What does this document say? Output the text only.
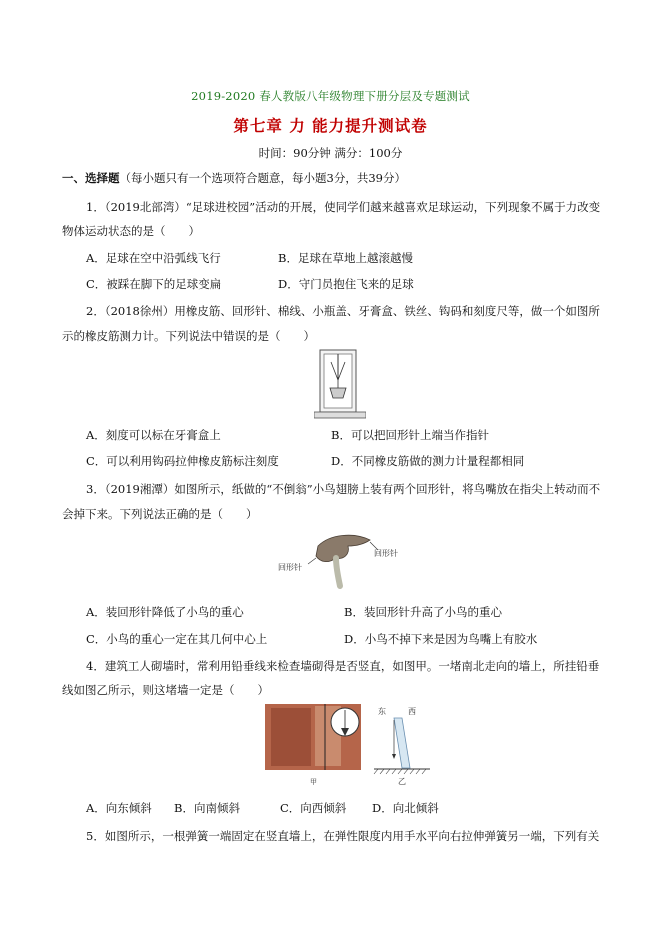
2019-2020 春人教版八年级物理下册分层及专题测试
第七章 力 能力提升测试卷
时间：90分钟 满分：100分
一、选择题（每小题只有一个选项符合题意，每小题3分，共39分）
1．（2019北部湾）“足球进校园”活动的开展，使同学们越来越喜欢足球运动，下列现象不属于力改变
物体运动状态的是（　　）
A．足球在空中沿弧线飞行	B．足球在草地上越滚越慢
C．被踩在脚下的足球变扁	D．守门员抱住飞来的足球
2．（2018徐州）用橡皮筋、回形针、棉线、小瓶盖、牙膏盒、铁丝、钩码和刻度尺等，做一个如图所
示的橡皮筋测力计。下列说法中错误的是（　　）
A．刻度可以标在牙膏盒上	B．可以把回形针上端当作指针
C．可以利用钩码拉伸橡皮筋标注刻度	D．不同橡皮筋做的测力计量程都相同
3．（2019湘潭）如图所示，纸做的“不倒翁”小鸟翅膀上装有两个回形针，将鸟嘴放在指尖上转动而不
会掉下来。下列说法正确的是（　　）
回形针
回形针
A．装回形针降低了小鸟的重心	B．装回形针升高了小鸟的重心
C．小鸟的重心一定在其几何中心上	D．小鸟不掉下来是因为鸟嘴上有胶水
4．建筑工人砌墙时，常利用铅垂线来检查墙砌得是否竖直，如图甲。一堵南北走向的墙上，所挂铅垂
线如图乙所示，则这堵墙一定是（　　）
甲
东	西
乙
A．向东倾斜 B．向南倾斜	C．向西倾斜 D．向北倾斜
5．如图所示，一根弹簧一端固定在竖直墙上，在弹性限度内用手水平向右拉伸弹簧另一端，下列有关
